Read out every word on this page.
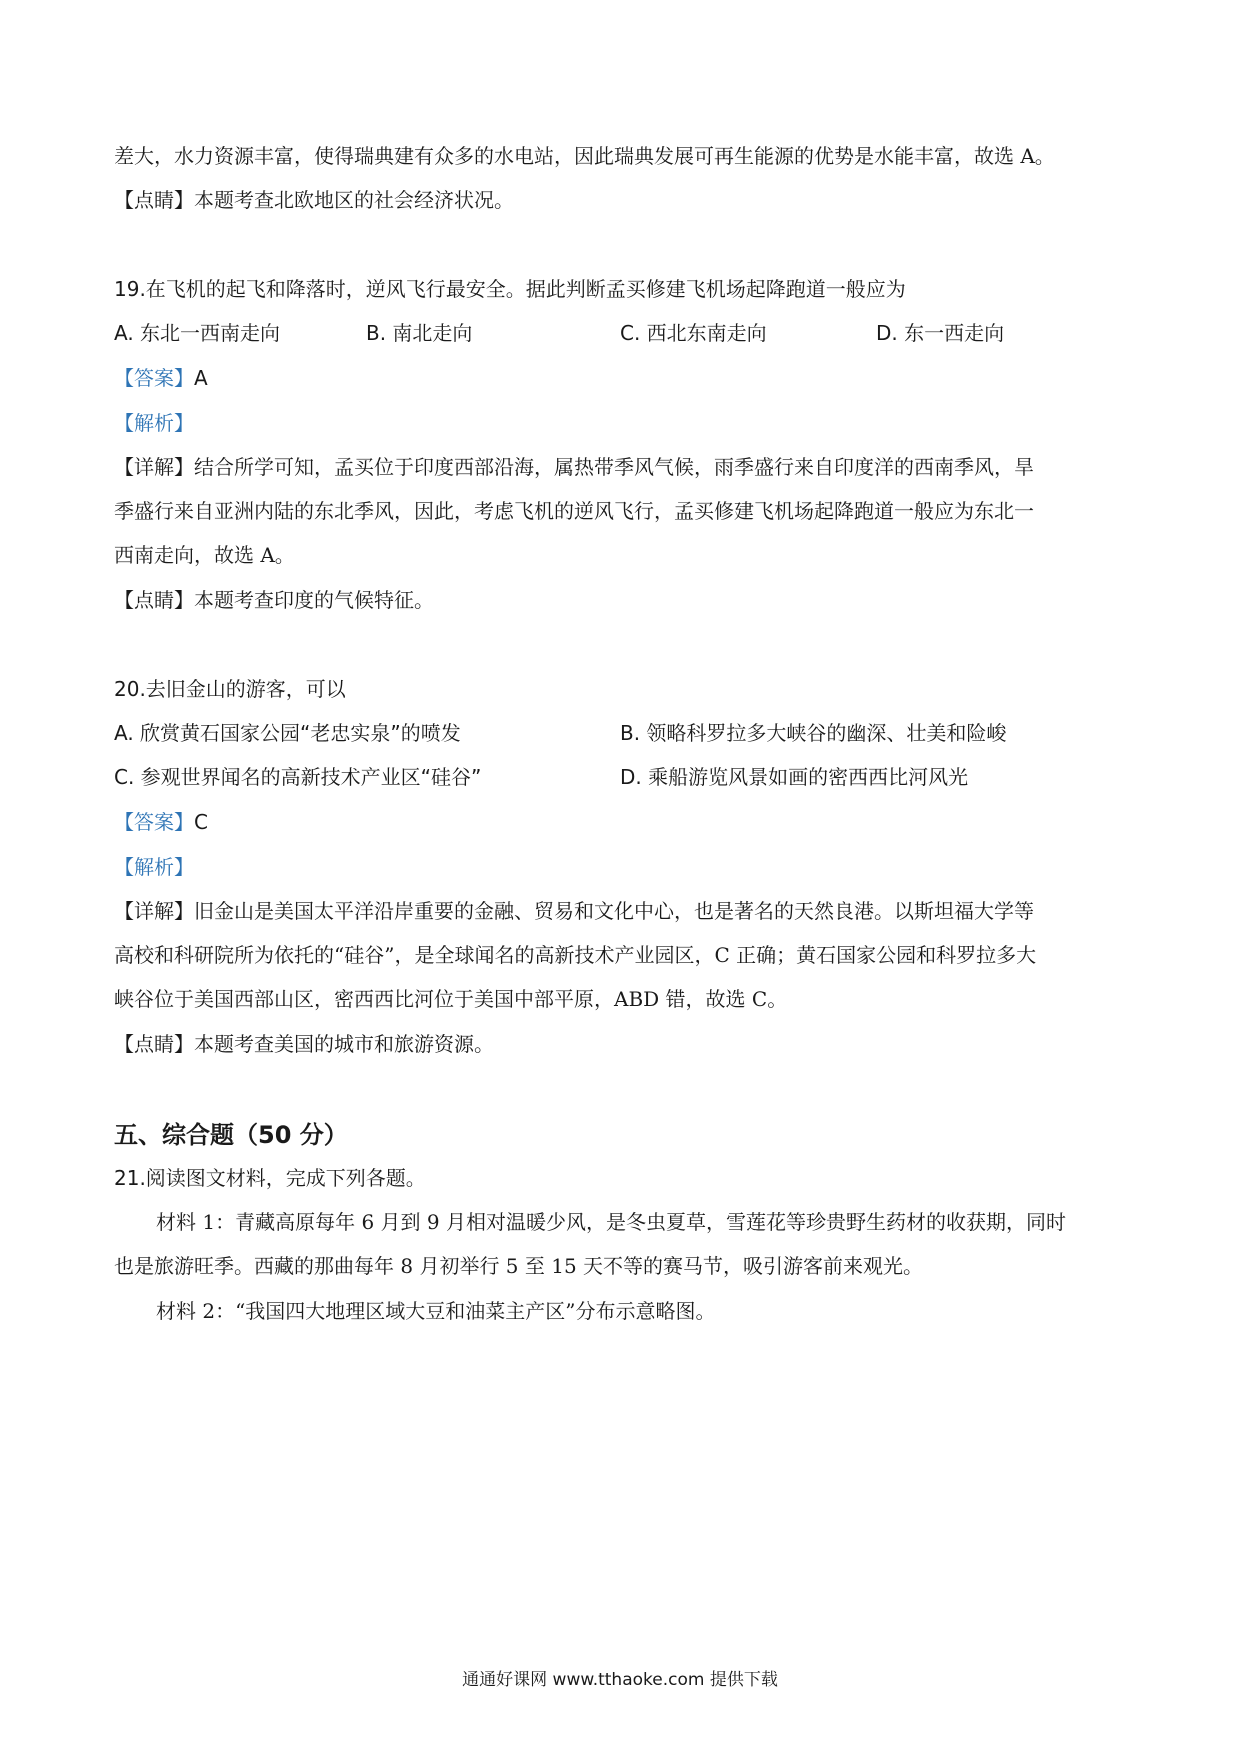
差大，水力资源丰富，使得瑞典建有众多的水电站，因此瑞典发展可再生能源的优势是水能丰富，故选 A。
【点睛】本题考查北欧地区的社会经济状况。
19.在飞机的起飞和降落时，逆风飞行最安全。据此判断孟买修建飞机场起降跑道一般应为
A. 东北一西南走向	B. 南北走向	C. 西北东南走向	D. 东一西走向
【答案】A
【解析】
【详解】结合所学可知，孟买位于印度西部沿海，属热带季风气候，雨季盛行来自印度洋的西南季风，旱
季盛行来自亚洲内陆的东北季风，因此，考虑飞机的逆风飞行，孟买修建飞机场起降跑道一般应为东北一
西南走向，故选 A。
【点睛】本题考查印度的气候特征。
20.去旧金山的游客，可以
A. 欣赏黄石国家公园“老忠实泉”的喷发	B. 领略科罗拉多大峡谷的幽深、壮美和险峻
C. 参观世界闻名的高新技术产业区“硅谷”	D. 乘船游览风景如画的密西西比河风光
【答案】C
【解析】
【详解】旧金山是美国太平洋沿岸重要的金融、贸易和文化中心，也是著名的天然良港。以斯坦福大学等
高校和科研院所为依托的“硅谷”，是全球闻名的高新技术产业园区，C 正确；黄石国家公园和科罗拉多大
峡谷位于美国西部山区，密西西比河位于美国中部平原，ABD 错，故选 C。
【点睛】本题考查美国的城市和旅游资源。
五、综合题（50 分）
21.阅读图文材料，完成下列各题。
材料 1：青藏高原每年 6 月到 9 月相对温暖少风，是冬虫夏草，雪莲花等珍贵野生药材的收获期，同时
也是旅游旺季。西藏的那曲每年 8 月初举行 5 至 15 天不等的赛马节，吸引游客前来观光。
材料 2：“我国四大地理区域大豆和油菜主产区”分布示意略图。
通通好课网 www.tthaoke.com 提供下载
